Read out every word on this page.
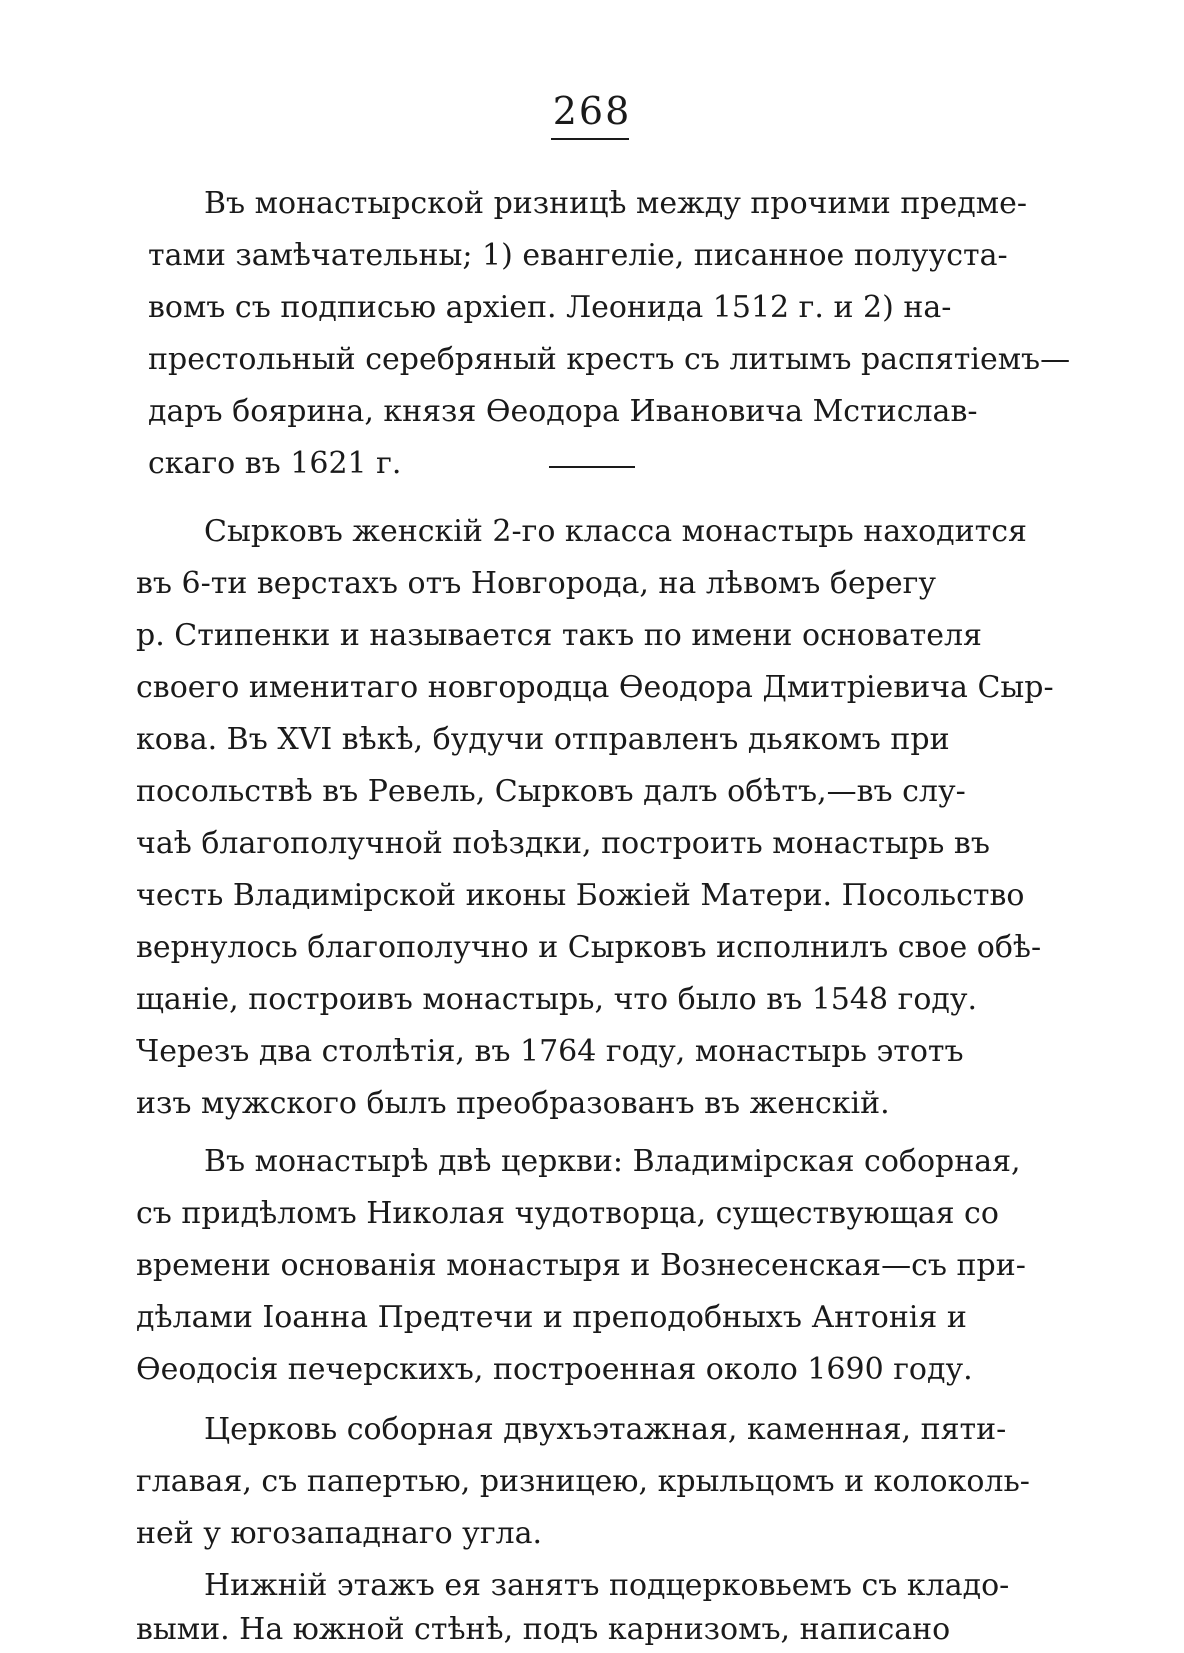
268
Въ монастырской ризницѣ между прочими предме-
тами замѣчательны; 1) евангеліе, писанное полууста-
вомъ съ подписью архіеп. Леонида 1512 г. и 2) на-
престольный серебряный крестъ съ литымъ распятіемъ—
даръ боярина, князя Ѳеодора Ивановича Мстислав-
скаго въ 1621 г.
Сырковъ женскій 2-го класса монастырь находится
въ 6-ти верстахъ отъ Новгорода, на лѣвомъ берегу
р. Стипенки и называется такъ по имени основателя
своего именитаго новгородца Ѳеодора Дмитріевича Сыр-
кова. Въ XVI вѣкѣ, будучи отправленъ дьякомъ при
посольствѣ въ Ревель, Сырковъ далъ обѣтъ,—въ слу-
чаѣ благополучной поѣздки, построить монастырь въ
честь Владимірской иконы Божіей Матери. Посольство
вернулось благополучно и Сырковъ исполнилъ свое обѣ-
щаніе, построивъ монастырь, что было въ 1548 году.
Черезъ два столѣтія, въ 1764 году, монастырь этотъ
изъ мужского былъ преобразованъ въ женскій.
Въ монастырѣ двѣ церкви: Владимірская соборная,
съ придѣломъ Николая чудотворца, существующая со
времени основанія монастыря и Вознесенская—съ при-
дѣлами Іоанна Предтечи и преподобныхъ Антонія и
Ѳеодосія печерскихъ, построенная около 1690 году.
Церковь соборная двухъэтажная, каменная, пяти-
главая, съ папертью, ризницею, крыльцомъ и колоколь-
ней у югозападнаго угла.
Нижній этажъ ея занятъ подцерковьемъ съ кладо-
выми. На южной стѣнѣ, подъ карнизомъ, написано
